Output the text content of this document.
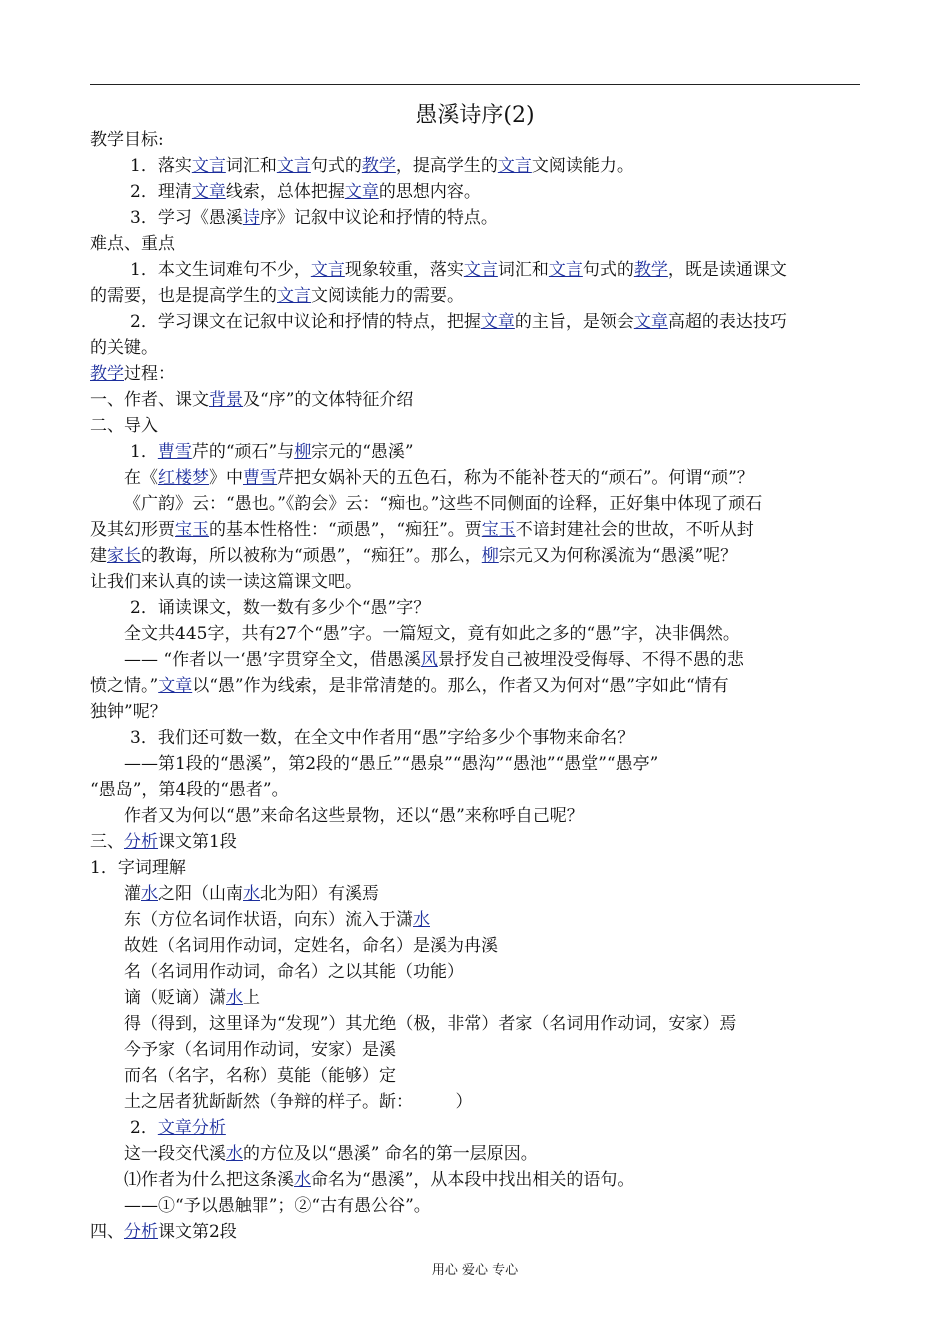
愚溪诗序(2)
教学目标:
1．落实文言词汇和文言句式的教学，提高学生的文言文阅读能力。
2．理清文章线索，总体把握文章的思想内容。
3．学习《愚溪诗序》记叙中议论和抒情的特点。
难点、重点
1．本文生词难句不少，文言现象较重，落实文言词汇和文言句式的教学，既是读通课文
的需要，也是提高学生的文言文阅读能力的需要。
2．学习课文在记叙中议论和抒情的特点，把握文章的主旨，是领会文章高超的表达技巧
的关键。
教学过程：
一、作者、课文背景及“序”的文体特征介绍
二、导入
1．曹雪芹的“顽石”与柳宗元的“愚溪”
在《红楼梦》中曹雪芹把女娲补天的五色石，称为不能补苍天的“顽石”。何谓“顽”？
《广韵》云：“愚也。”《韵会》云：“痴也。”这些不同侧面的诠释，正好集中体现了顽石
及其幻形贾宝玉的基本性格性：“顽愚”，“痴狂”。贾宝玉不谙封建社会的世故，不听从封
建家长的教诲，所以被称为“顽愚”，“痴狂”。那么，柳宗元又为何称溪流为“愚溪”呢？
让我们来认真的读一读这篇课文吧。
2．诵读课文，数一数有多少个“愚”字？
全文共445字，共有27个“愚”字。一篇短文，竟有如此之多的“愚”字，决非偶然。
—— “作者以一‘愚’字贯穿全文，借愚溪风景抒发自己被埋没受侮辱、不得不愚的悲
愤之情。”文章以“愚”作为线索，是非常清楚的。那么，作者又为何对“愚”字如此“情有
独钟”呢？
3．我们还可数一数，在全文中作者用“愚”字给多少个事物来命名？
——第1段的“愚溪”，第2段的“愚丘”“愚泉”“愚沟”“愚池”“愚堂”“愚亭”
“愚岛”，第4段的“愚者”。
作者又为何以“愚”来命名这些景物，还以“愚”来称呼自己呢？
三、分析课文第1段
1．字词理解
灌水之阳（山南水北为阳）有溪焉
东（方位名词作状语，向东）流入于潇水
故姓（名词用作动词，定姓名，命名）是溪为冉溪
名（名词用作动词，命名）之以其能（功能）
谪（贬谪）潇水上
得（得到，这里译为“发现”）其尤绝（极，非常）者家（名词用作动词，安家）焉
今予家（名词用作动词，安家）是溪
而名（名字，名称）莫能（能够）定
土之居者犹龂龂然（争辩的样子。龂：　　　）
2．文章分析
这一段交代溪水的方位及以“愚溪” 命名的第一层原因。
⑴作者为什么把这条溪水命名为“愚溪”，从本段中找出相关的语句。
——①“予以愚触罪”；②“古有愚公谷”。
四、分析课文第2段
用心 爱心 专心
